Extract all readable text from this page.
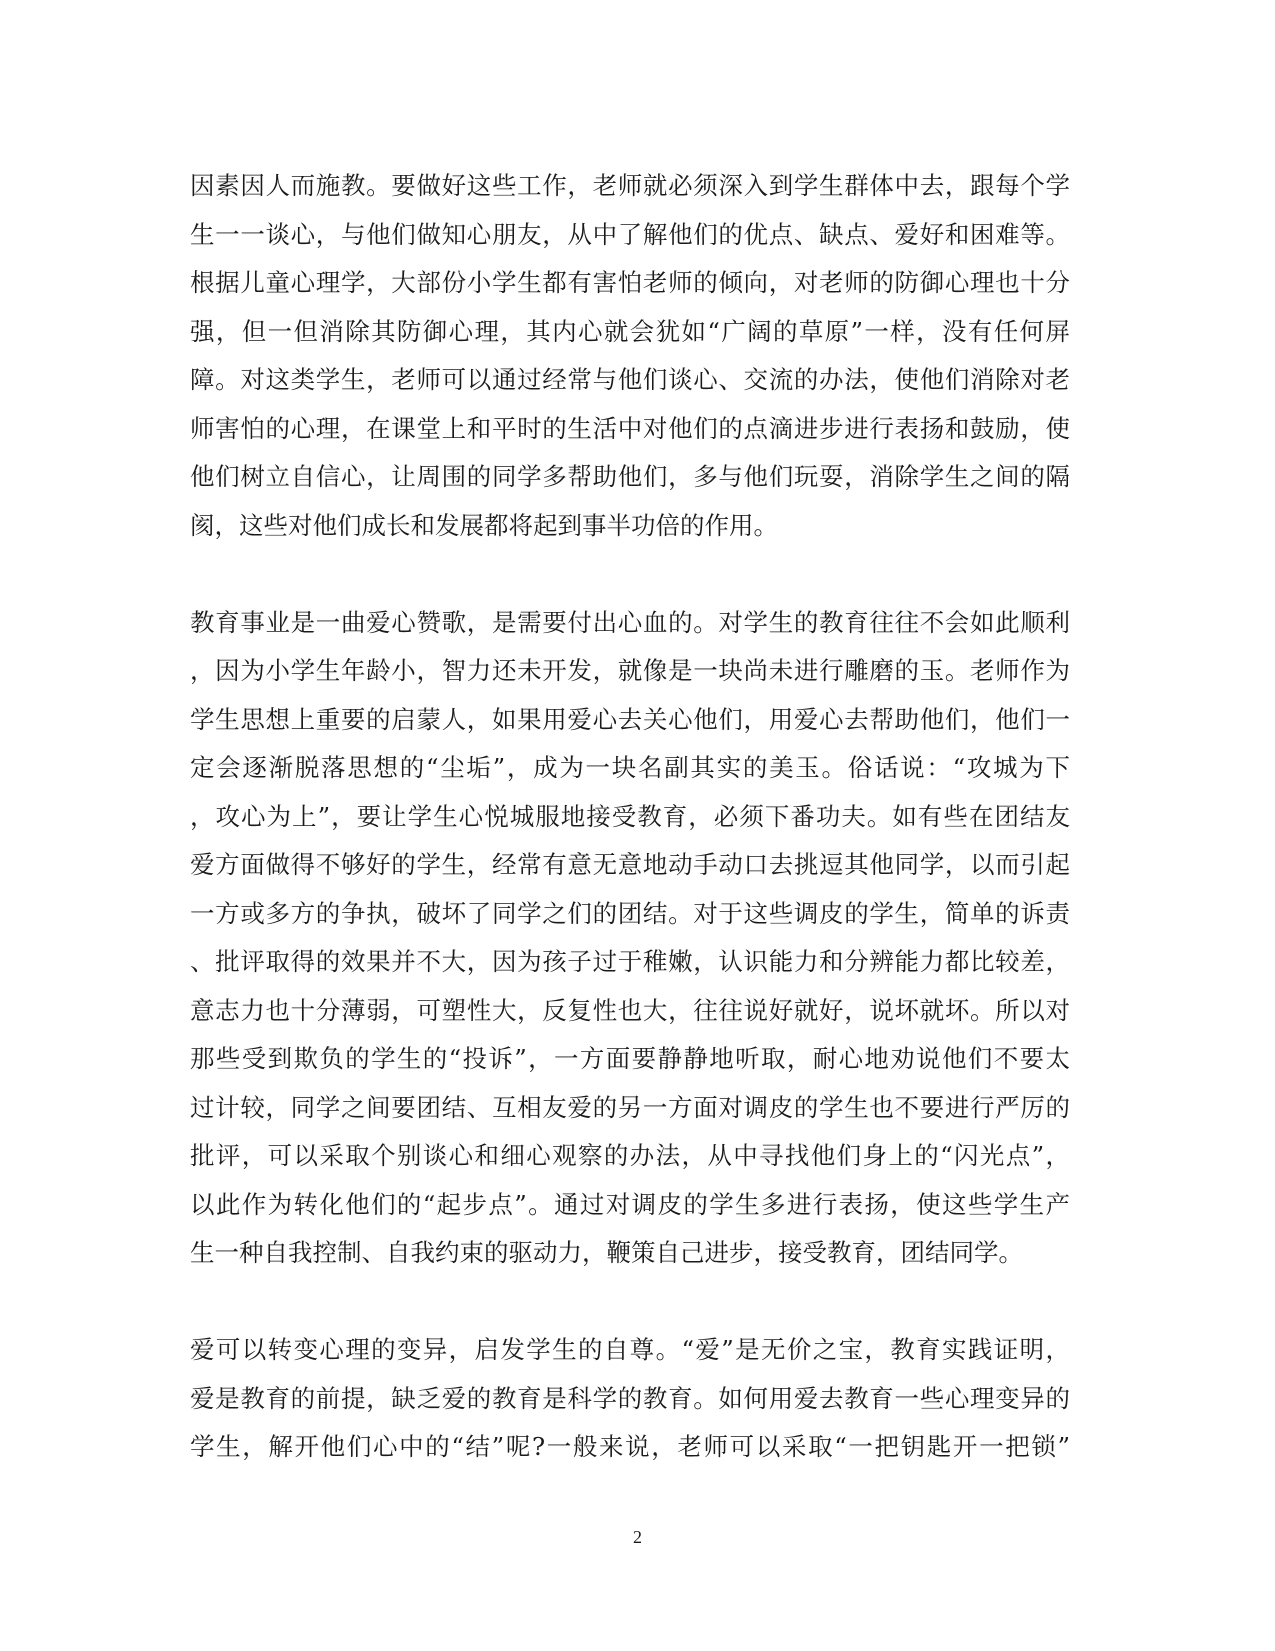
因素因人而施教。要做好这些工作，老师就必须深入到学生群体中去，跟每个学
生一一谈心，与他们做知心朋友，从中了解他们的优点、缺点、爱好和困难等。
根据儿童心理学，大部份小学生都有害怕老师的倾向，对老师的防御心理也十分
强，但一但消除其防御心理，其内心就会犹如“广阔的草原”一样，没有任何屏
障。对这类学生，老师可以通过经常与他们谈心、交流的办法，使他们消除对老
师害怕的心理，在课堂上和平时的生活中对他们的点滴进步进行表扬和鼓励，使
他们树立自信心，让周围的同学多帮助他们，多与他们玩耍，消除学生之间的隔
阂，这些对他们成长和发展都将起到事半功倍的作用。
教育事业是一曲爱心赞歌，是需要付出心血的。对学生的教育往往不会如此顺利
，因为小学生年龄小，智力还未开发，就像是一块尚未进行雕磨的玉。老师作为
学生思想上重要的启蒙人，如果用爱心去关心他们，用爱心去帮助他们，他们一
定会逐渐脱落思想的“尘垢”，成为一块名副其实的美玉。俗话说：“攻城为下
，攻心为上”，要让学生心悦城服地接受教育，必须下番功夫。如有些在团结友
爱方面做得不够好的学生，经常有意无意地动手动口去挑逗其他同学，以而引起
一方或多方的争执，破坏了同学之们的团结。对于这些调皮的学生，简单的诉责
、批评取得的效果并不大，因为孩子过于稚嫩，认识能力和分辨能力都比较差，
意志力也十分薄弱，可塑性大，反复性也大，往往说好就好，说坏就坏。所以对
那些受到欺负的学生的“投诉”，一方面要静静地听取，耐心地劝说他们不要太
过计较，同学之间要团结、互相友爱的另一方面对调皮的学生也不要进行严厉的
批评，可以采取个别谈心和细心观察的办法，从中寻找他们身上的“闪光点”，
以此作为转化他们的“起步点”。通过对调皮的学生多进行表扬，使这些学生产
生一种自我控制、自我约束的驱动力，鞭策自己进步，接受教育，团结同学。
爱可以转变心理的变异，启发学生的自尊。“爱”是无价之宝，教育实践证明，
爱是教育的前提，缺乏爱的教育是科学的教育。如何用爱去教育一些心理变异的
学生，解开他们心中的“结”呢?一般来说，老师可以采取“一把钥匙开一把锁”
2
